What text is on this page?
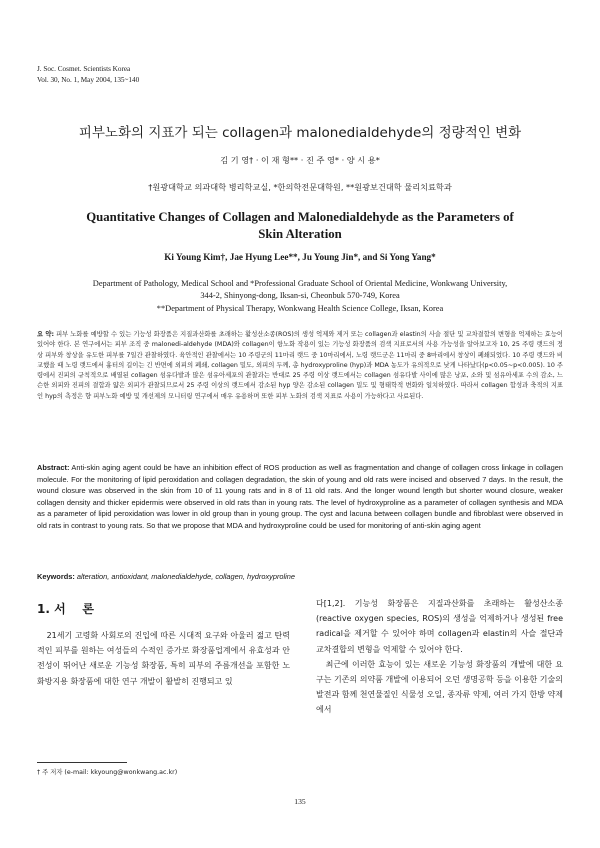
J. Soc. Cosmet. Scientists Korea
Vol. 30, No. 1, May 2004, 135~140
피부노화의 지표가 되는 collagen과 malonedialdehyde의 정량적인 변화
김 기 영† · 이 재 형** · 진 주 영* · 양 시 용*
†원광대학교 의과대학 병리학교실, *한의학전문대학원, **원광보건대학 물리치료학과
Quantitative Changes of Collagen and Malonedialdehyde as the Parameters of
Skin Alteration
Ki Young Kim†, Jae Hyung Lee**, Ju Young Jin*, and Si Yong Yang*
Department of Pathology, Medical School and *Professional Graduate School of Oriental Medicine, Wonkwang University,
344-2, Shinyong-dong, Iksan-si, Cheonbuk 570-749, Korea
**Department of Physical Therapy, Wonkwang Health Science College, Iksan, Korea
요 약: 피부 노화를 예방할 수 있는 기능성 화장품은 지질과산화를 초래하는 활성산소종(ROS)의 생성 억제와 제거 또는 collagen과 elastin의 사슬 절단 및 교차결합의 변형을 억제하는 효능이 있어야 한다. 본 연구에서는 피부 조직 중 malonedi-aldehyde (MDA)와 collagen이 항노화 작용이 있는 기능성 화장품의 검색 지표로서의 사용 가능성을 알아보고자 10, 25 주령 랫드의 정상 피부와 창상을 유도한 피부를 7일간 관찰하였다. 육안적인 관찰에서는 10 주령군의 11마리 랫드 중 10마리에서, 노령 랫드군은 11마리 중 8마리에서 창상이 폐쇄되었다. 10 주령 랫드와 비교했을 때 노령 랫드에서 흉터의 길이는 긴 반면에 외피의 폐쇄, collagen 밀도, 외피의 두께, 총 hydroxyproline (hyp)과 MDA 농도가 유의적으로 낮게 나타났다(p<0.05~p<0.005). 10 주령에서 진피의 규칙적으로 배열된 collagen 섬유다발과 많은 섬유아세포의 관찰과는 반대로 25 주령 이상 랫드에서는 collagen 섬유다발 사이에 많은 낭포, 소와 및 섬유아세포 수의 감소, 느슨한 외피와 진피의 결합과 얇은 외피가 관찰되므로서 25 주령 이상의 랫드에서 감소된 hyp 양은 감소된 collagen 밀도 및 형태학적 변화와 일치하였다. 따라서 collagen 합성과 축적의 지표인 hyp의 측정은 향 피부노화 예방 및 개선제의 모니터링 연구에서 매우 유용하며 또한 피부 노화의 검색 지표로 사용이 가능하다고 사료된다.
Abstract: Anti-skin aging agent could be have an inhibition effect of ROS production as well as fragmentation and change of collagen cross linkage in collagen molecule. For the monitoring of lipid peroxidation and collagen degradation, the skin of young and old rats were incised and observed 7 days. In the result, the wound closure was observed in the skin from 10 of 11 young rats and in 8 of 11 old rats. And the longer wound length but shorter wound closure, weaker collagen density and thicker epidermis were observed in old rats than in young rats. The level of hydroxyproline as a parameter of collagen synthesis and MDA as a parameter of lipid peroxidation was lower in old group than in young group. The cyst and lacuna between collagen bundle and fibroblast were observed in old rats in contrast to young rats. So that we propose that MDA and hydroxyproline could be used for monitoring of anti-skin aging agent
Keywords: alteration, antioxidant, malonedialdehyde, collagen, hydroxyproline
1. 서    론
21세기 고령화 사회로의 진입에 따른 시대적 요구와 아울러 젊고 탄력적인 피부를 원하는 여성들의 수적인 증가로 화장품업계에서 유효성과 안전성이 뛰어난 새로운 기능성 화장품, 특히 피부의 주름개선을 포함한 노화방지용 화장품에 대한 연구 개발이 활발히 진행되고 있
다[1,2]. 기능성 화장품은 지질과산화를 초래하는 활성산소종(reactive oxygen species, ROS)의 생성을 억제하거나 생성된 free radical을 제거할 수 있어야 하며 collagen과 elastin의 사슬 절단과 교차결합의 변형을 억제할 수 있어야 한다.
최근에 이러한 효능이 있는 새로운 기능성 화장품의 개발에 대한 요구는 기존의 의약품 개발에 이용되어 오던 생명공학 등을 이용한 기술의 발전과 함께 천연물질인 식물성 오일, 종자류 약제, 여러 가지 한방 약제에서
† 주 저자 (e-mail: kkyoung@wonkwang.ac.kr)
135
